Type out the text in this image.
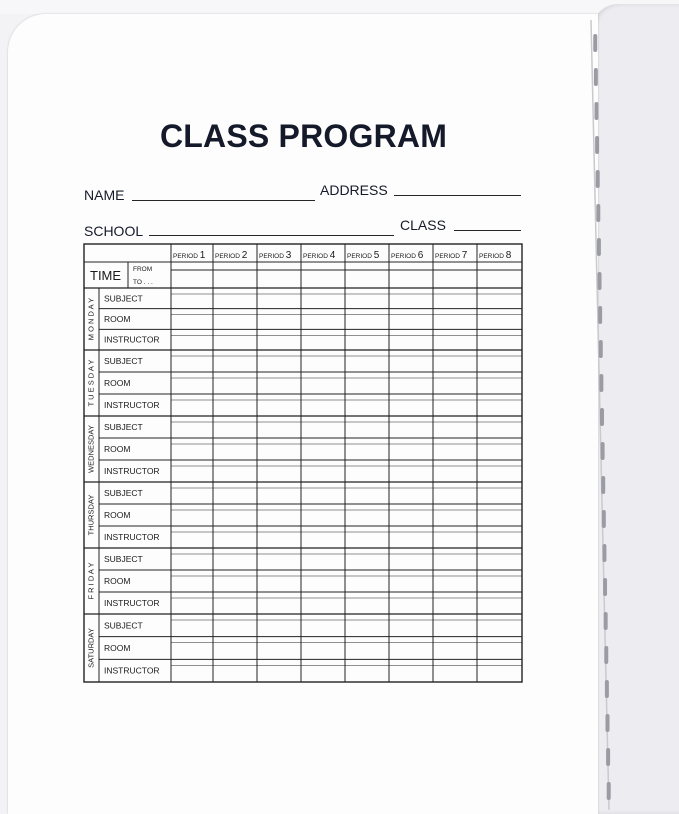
CLASS PROGRAM
NAME	ADDRESS
SCHOOL	CLASS
TIME FROM
TO . . .
PERIOD 1 PERIOD 2 PERIOD 3 PERIOD 4 PERIOD 5 PERIOD 6 PERIOD 7 PERIOD 8
M O N D A Y SUBJECT
ROOM
INSTRUCTOR
T U E S D A Y SUBJECT
ROOM
INSTRUCTOR
WEDNESDAY SUBJECT
ROOM
INSTRUCTOR
THURSDAY
SUBJECT
ROOM
INSTRUCTOR
F R I D A Y
SUBJECT
ROOM
INSTRUCTOR
SATURDAY
SUBJECT
ROOM
INSTRUCTOR
